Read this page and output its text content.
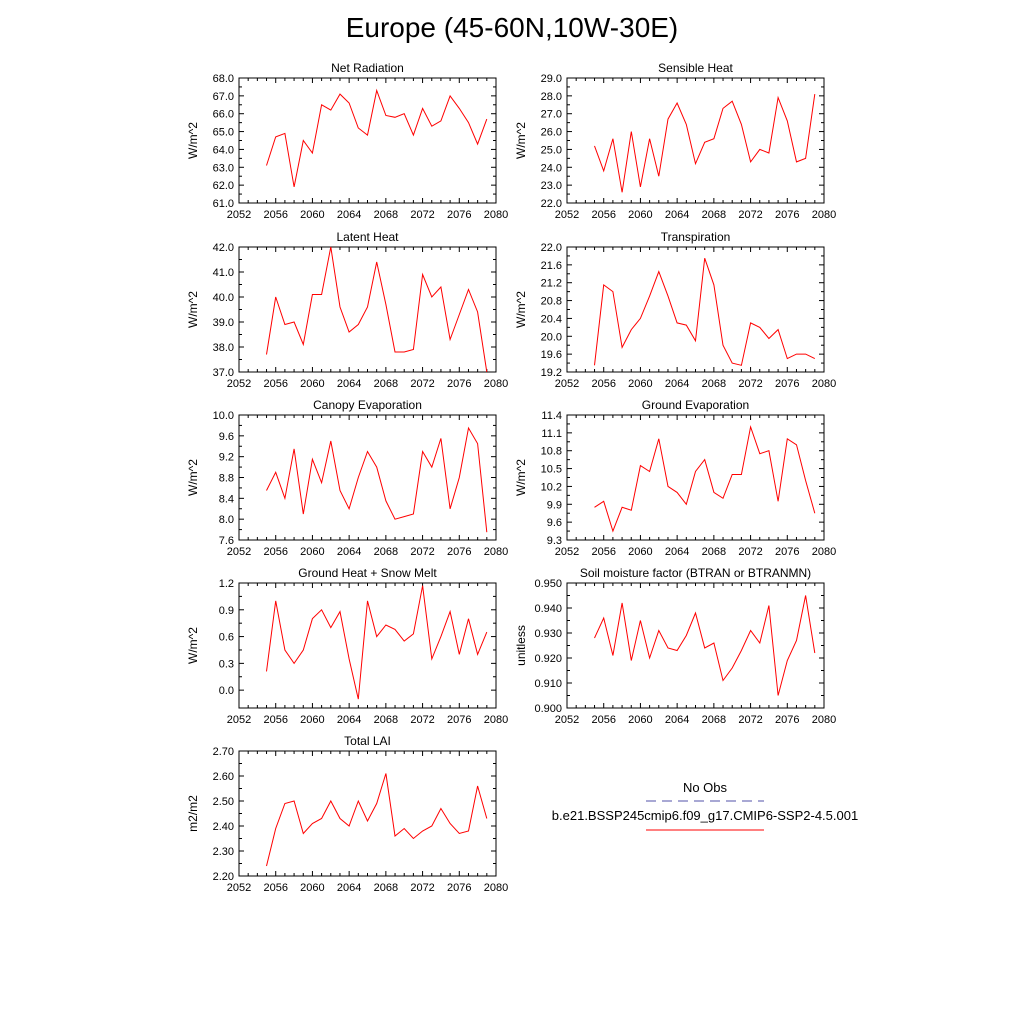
Europe (45-60N,10W-30E)
Net Radiation
2052 2056 2060 2064 2068 2072 2076 2080
61.0
62.0
63.0
64.0
65.0
66.0
67.0
68.0
W/m^2
Sensible Heat
2052 2056 2060 2064 2068 2072 2076 2080
22.0
23.0
24.0
25.0
26.0
27.0
28.0
29.0
W/m^2
Latent Heat
2052 2056 2060 2064 2068 2072 2076 2080
37.0
38.0
39.0
40.0
41.0
42.0
W/m^2
Transpiration
2052 2056 2060 2064 2068 2072 2076 2080
19.2
19.6
20.0
20.4
20.8
21.2
21.6
22.0
W/m^2
Canopy Evaporation
2052 2056 2060 2064 2068 2072 2076 2080
7.6
8.0
8.4
8.8
9.2
9.6
10.0
W/m^2
Ground Evaporation
2052 2056 2060 2064 2068 2072 2076 2080
9.3
9.6
9.9
10.2
10.5
10.8
11.1
11.4
W/m^2
Ground Heat + Snow Melt
2052 2056 2060 2064 2068 2072 2076 2080
0.0
0.3
0.6
0.9
1.2
W/m^2
Soil moisture factor (BTRAN or BTRANMN)
2052 2056 2060 2064 2068 2072 2076 2080
0.900
0.910
0.920
0.930
0.940
0.950
unitless
Total LAI
2052 2056 2060 2064 2068 2072 2076 2080
2.20
2.30
2.40
2.50
2.60
2.70
m2/m2
No Obs
b.e21.BSSP245cmip6.f09_g17.CMIP6-SSP2-4.5.001
